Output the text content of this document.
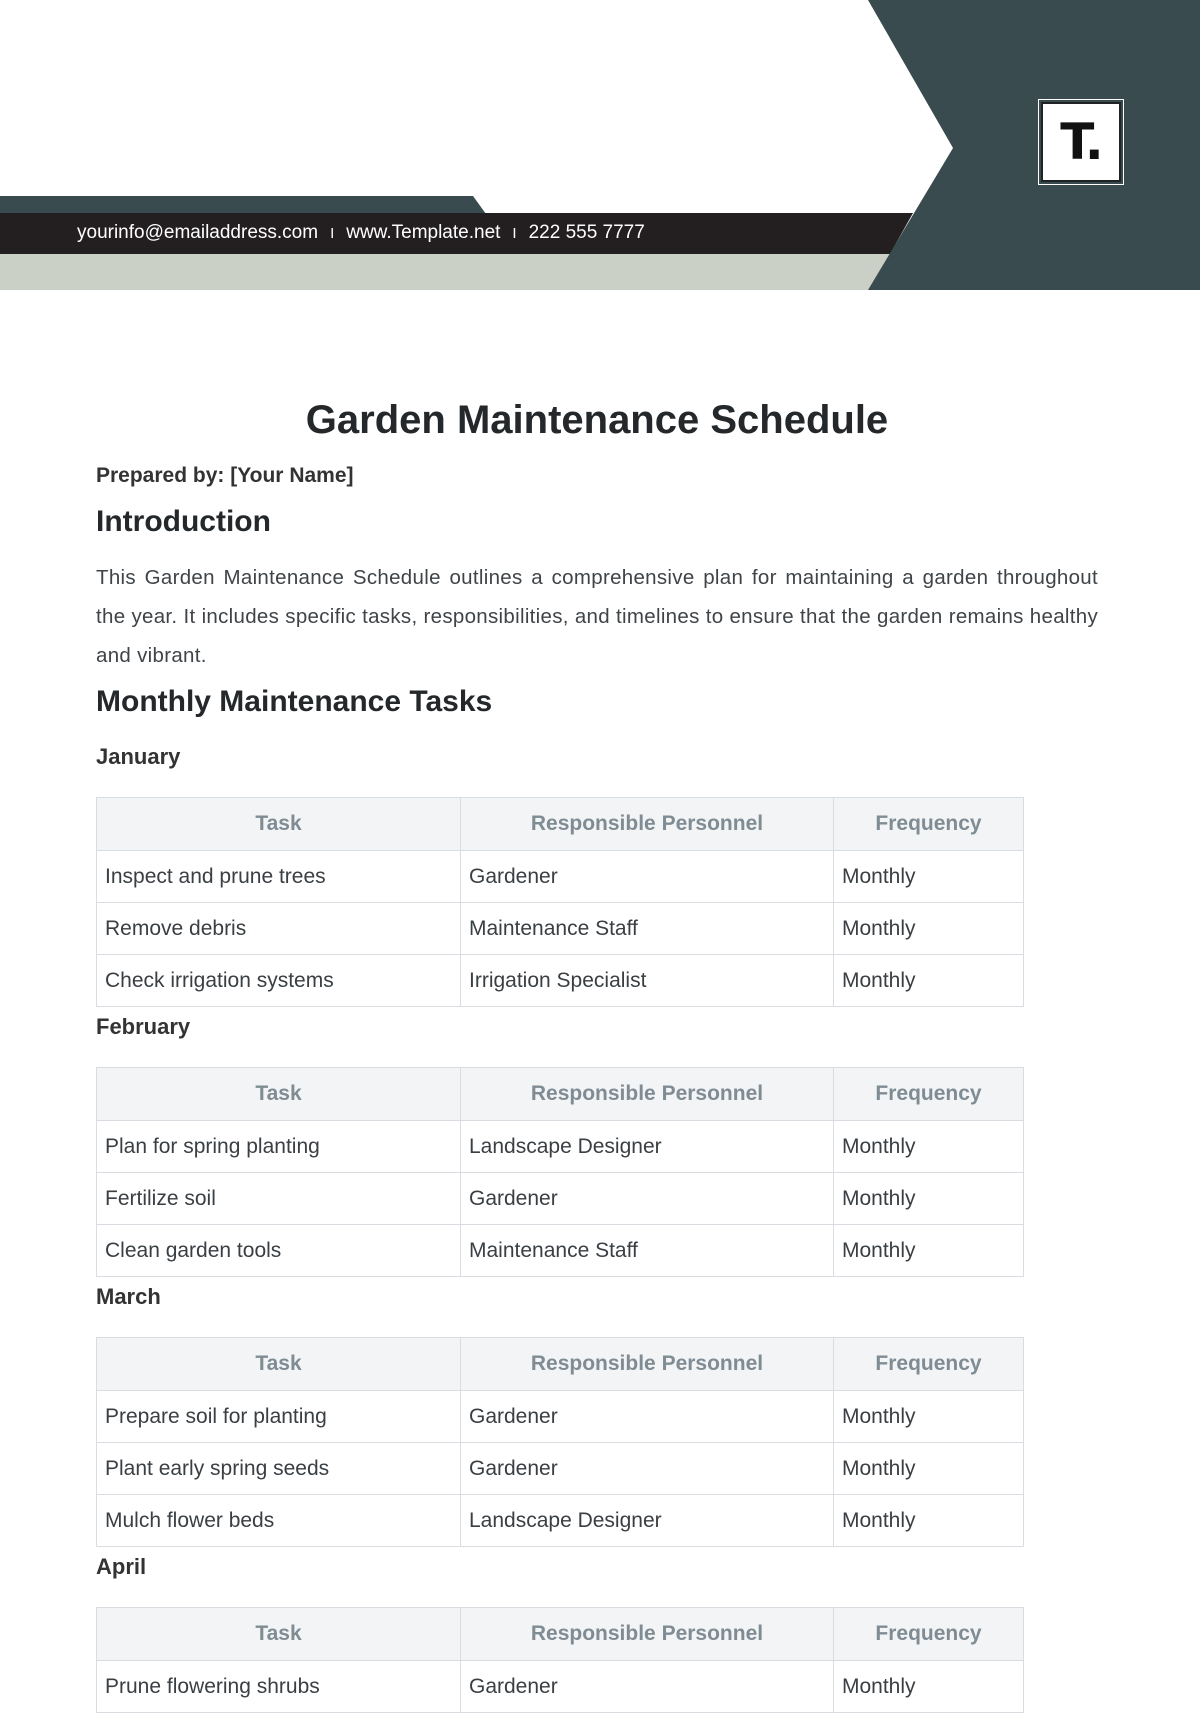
yourinfo@emailaddress.com I www.Template.net I 222 555 7777
T.
Garden Maintenance Schedule

Prepared by: [Your Name]

Introduction

This Garden Maintenance Schedule outlines a comprehensive plan for maintaining a garden throughout the year. It includes specific tasks, responsibilities, and timelines to ensure that the garden remains healthy and vibrant.

Monthly Maintenance Tasks
January
Task	Responsible Personnel	Frequency
Inspect and prune trees	Gardener	Monthly
Remove debris	Maintenance Staff	Monthly
Check irrigation systems	Irrigation Specialist	Monthly
February
Task	Responsible Personnel	Frequency
Plan for spring planting	Landscape Designer	Monthly
Fertilize soil	Gardener	Monthly
Clean garden tools	Maintenance Staff	Monthly
March
Task	Responsible Personnel	Frequency
Prepare soil for planting	Gardener	Monthly
Plant early spring seeds	Gardener	Monthly
Mulch flower beds	Landscape Designer	Monthly
April
Task	Responsible Personnel	Frequency
Prune flowering shrubs	Gardener	Monthly
